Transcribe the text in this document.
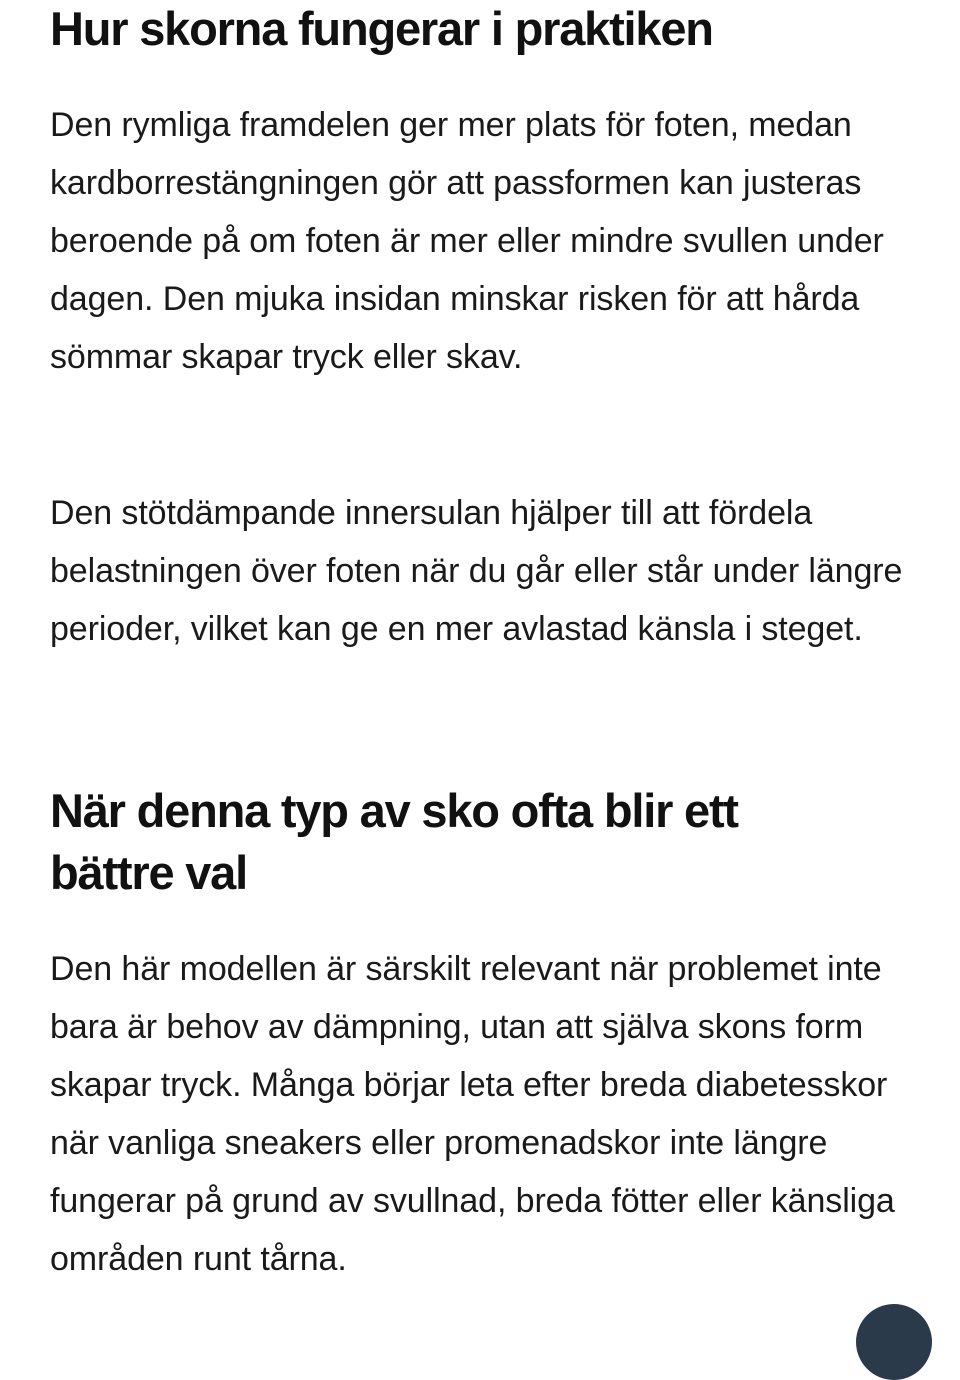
Hur skorna fungerar i praktiken

Den rymliga framdelen ger mer plats för foten, medan kardborrestängningen gör att passformen kan justeras beroende på om foten är mer eller mindre svullen under dagen. Den mjuka insidan minskar risken för att hårda sömmar skapar tryck eller skav.

Den stötdämpande innersulan hjälper till att fördela belastningen över foten när du går eller står under längre perioder, vilket kan ge en mer avlastad känsla i steget.

När denna typ av sko ofta blir ett bättre val

Den här modellen är särskilt relevant när problemet inte bara är behov av dämpning, utan att själva skons form skapar tryck. Många börjar leta efter breda diabetesskor när vanliga sneakers eller promenadskor inte längre fungerar på grund av svullnad, breda fötter eller känsliga områden runt tårna.
